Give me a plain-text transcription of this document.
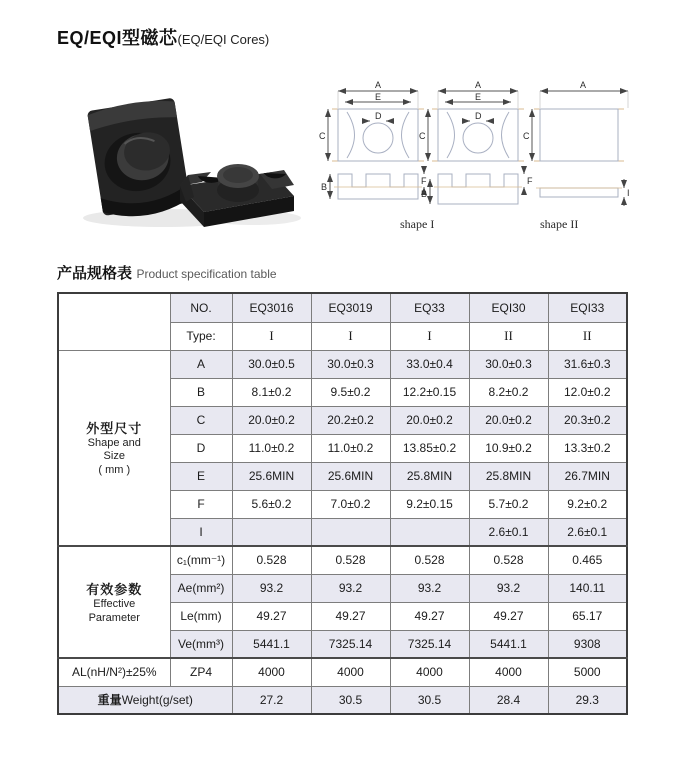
EQ/EQI型磁芯(EQ/EQI Cores)
A
E
D
C
B
F
A
E
D
C
B
F
A
C
I
shape I	shape II
产品规格表 Product specification table
	NO.	EQ3016	EQ3019	EQ33	EQI30	EQI33
	Type:	I	I	I	II	II

外型尺寸
Shape and
Size
( mm )	A	30.0±0.5	30.0±0.3	33.0±0.4	30.0±0.3	31.6±0.3
	B	8.1±0.2	9.5±0.2	12.2±0.15	8.2±0.2	12.0±0.2
	C	20.0±0.2	20.2±0.2	20.0±0.2	20.0±0.2	20.3±0.2
	D	11.0±0.2	11.0±0.2	13.85±0.2	10.9±0.2	13.3±0.2
	E	25.6MIN	25.6MIN	25.8MIN	25.8MIN	26.7MIN
	F	5.6±0.2	7.0±0.2	9.2±0.15	5.7±0.2	9.2±0.2
	I				2.6±0.1	2.6±0.1

有效参数
Effective
Parameter	c₁(mm⁻¹)	0.528	0.528	0.528	0.528	0.465
	Ae(mm²)	93.2	93.2	93.2	93.2	140.11
	Le(mm)	49.27	49.27	49.27	49.27	65.17
	Ve(mm³)	5441.1	7325.14	7325.14	5441.1	9308
AL(nH/N²)±25%	ZP4	4000	4000	4000	4000	5000
重量Weight(g/set)		27.2	30.5	30.5	28.4	29.3
